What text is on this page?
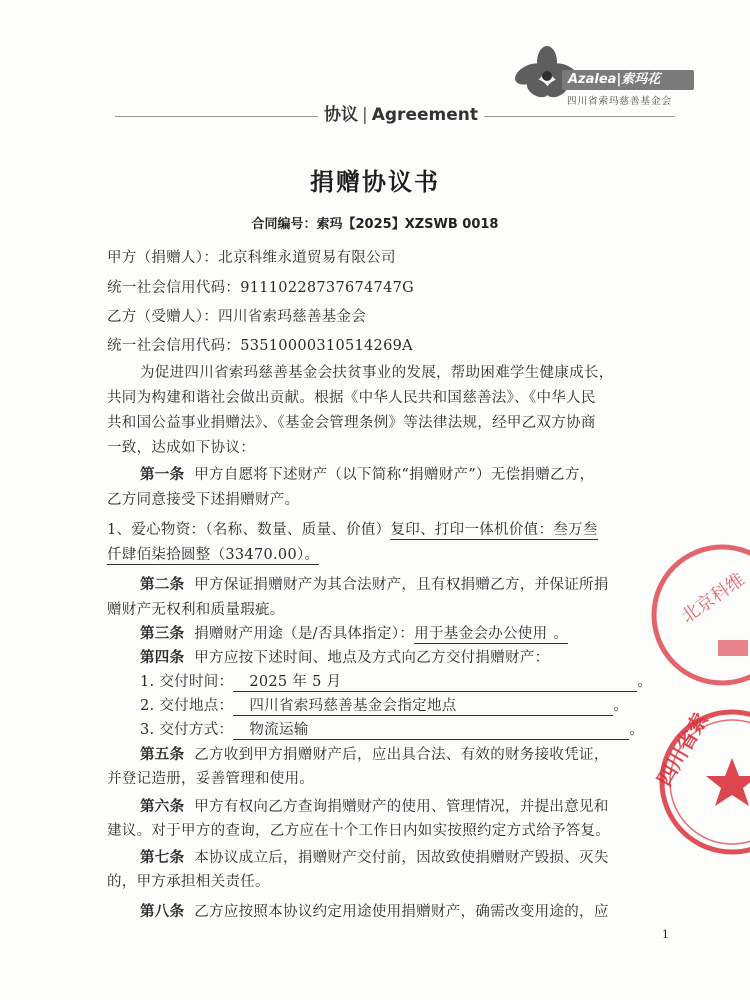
Azalea|索玛花
四川省索玛慈善基金会
协议 | Agreement
捐赠协议书
合同编号：索玛【2025】XZSWB 0018
甲方（捐赠人）：北京科维永道贸易有限公司
统一社会信用代码：91110228737674747G
乙方（受赠人）：四川省索玛慈善基金会
统一社会信用代码：53510000310514269A
为促进四川省索玛慈善基金会扶贫事业的发展，帮助困难学生健康成长，
共同为构建和谐社会做出贡献。根据《中华人民共和国慈善法》、《中华人民
共和国公益事业捐赠法》、《基金会管理条例》等法律法规，经甲乙双方协商
一致，达成如下协议：
第一条 甲方自愿将下述财产（以下简称“捐赠财产”）无偿捐赠乙方，
乙方同意接受下述捐赠财产。
1、爱心物资：（名称、数量、质量、价值）复印、打印一体机价值：叁万叁
仟肆佰柒拾圆整（33470.00）。
第二条 甲方保证捐赠财产为其合法财产，且有权捐赠乙方，并保证所捐
赠财产无权利和质量瑕疵。
第三条 捐赠财产用途（是/否具体指定）：用于基金会办公使用 。
第四条 甲方应按下述时间、地点及方式向乙方交付捐赠财产：
1. 交付时间： 2025 年 5 月	。
2. 交付地点： 四川省索玛慈善基金会指定地点	。
3. 交付方式： 物流运输	。
第五条 乙方收到甲方捐赠财产后，应出具合法、有效的财务接收凭证，
并登记造册，妥善管理和使用。
第六条 甲方有权向乙方查询捐赠财产的使用、管理情况，并提出意见和
建议。对于甲方的查询，乙方应在十个工作日内如实按照约定方式给予答复。
第七条 本协议成立后，捐赠财产交付前，因故致使捐赠财产毁损、灭失
的，甲方承担相关责任。
第八条 乙方应按照本协议约定用途使用捐赠财产，确需改变用途的，应
1
北京科维
四川省索
